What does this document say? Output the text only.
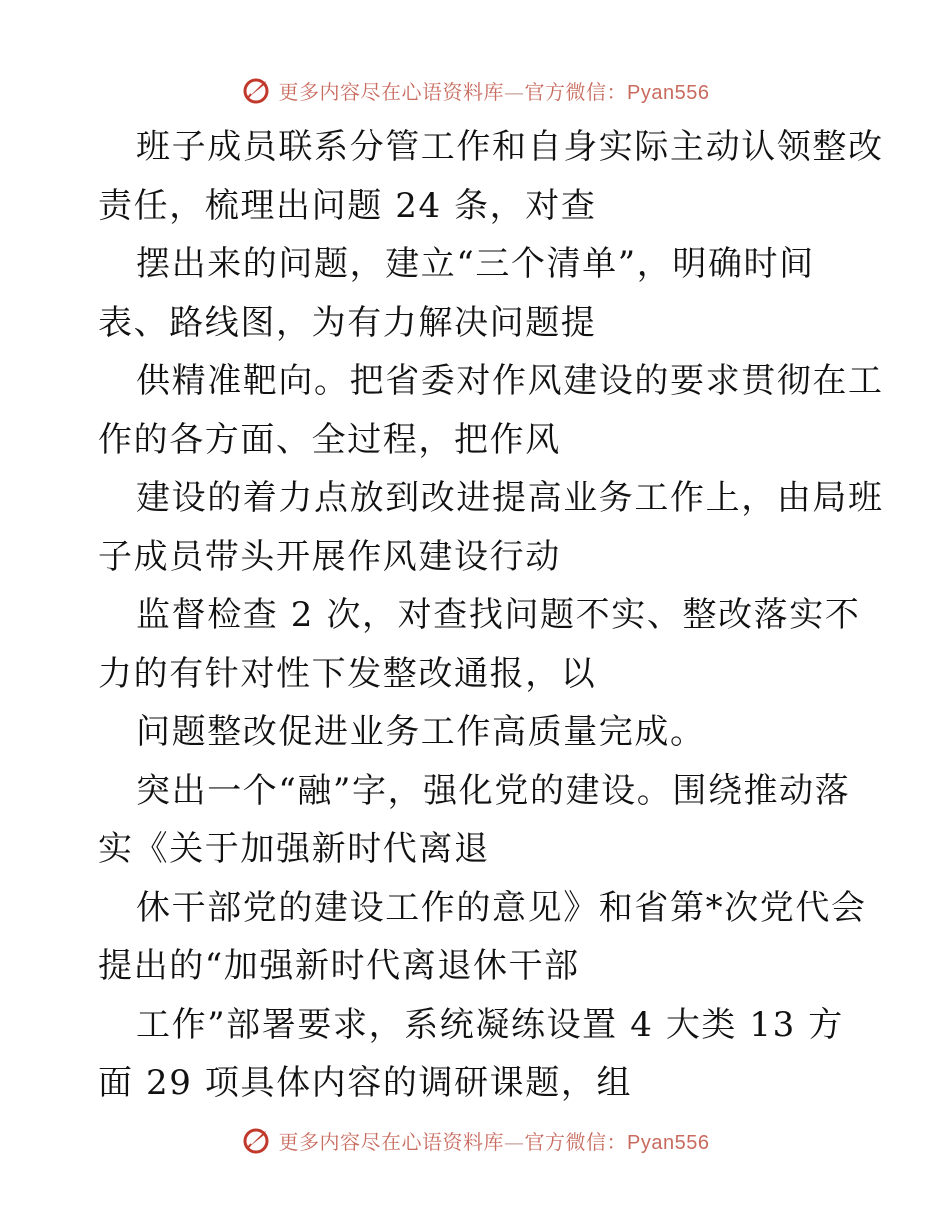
更多内容尽在心语资料库—官方微信：Pyan556

班子成员联系分管工作和自身实际主动认领整改

责任，梳理出问题 24 条，对查

摆出来的问题，建立“三个清单”，明确时间

表、路线图，为有力解决问题提

供精准靶向。把省委对作风建设的要求贯彻在工

作的各方面、全过程，把作风

建设的着力点放到改进提高业务工作上，由局班

子成员带头开展作风建设行动

监督检查 2 次，对查找问题不实、整改落实不

力的有针对性下发整改通报，以

问题整改促进业务工作高质量完成。

突出一个“融”字，强化党的建设。围绕推动落

实《关于加强新时代离退

休干部党的建设工作的意见》和省第*次党代会

提出的“加强新时代离退休干部

工作”部署要求，系统凝练设置 4 大类 13 方

面 29 项具体内容的调研课题，组

更多内容尽在心语资料库—官方微信：Pyan556
